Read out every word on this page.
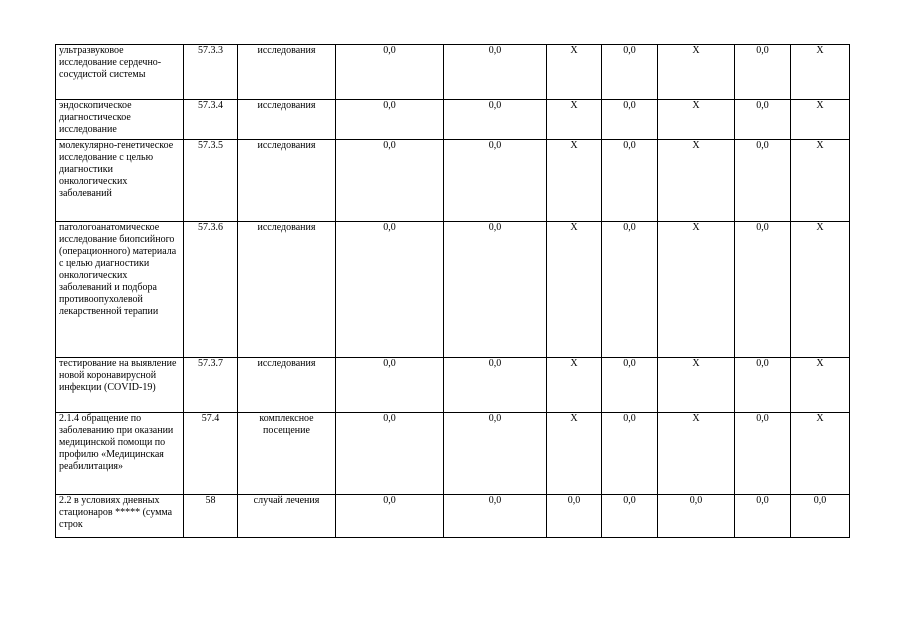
ультразвуковое исследование сердечно-сосудистой системы	57.3.3	исследования	0,0	0,0	X	0,0	X	0,0	X
эндоскопическое диагностическое исследование	57.3.4	исследования	0,0	0,0	X	0,0	X	0,0	X
молекулярно-генетическое исследование с целью диагностики онкологических заболеваний	57.3.5	исследования	0,0	0,0	X	0,0	X	0,0	X
патологоанатомическое исследование биопсийного (операционного) материала с целью диагностики онкологических заболеваний и подбора противоопухолевой лекарственной терапии	57.3.6	исследования	0,0	0,0	X	0,0	X	0,0	X
тестирование на выявление новой коронавирусной инфекции (COVID-19)	57.3.7	исследования	0,0	0,0	X	0,0	X	0,0	X
2.1.4 обращение по заболеванию при оказании медицинской помощи по профилю «Медицинская реабилитация»	57.4	комплексное посещение	0,0	0,0	X	0,0	X	0,0	X
2.2 в условиях дневных стационаров ***** (сумма строк	58	случай лечения	0,0	0,0	0,0	0,0	0,0	0,0	0,0
